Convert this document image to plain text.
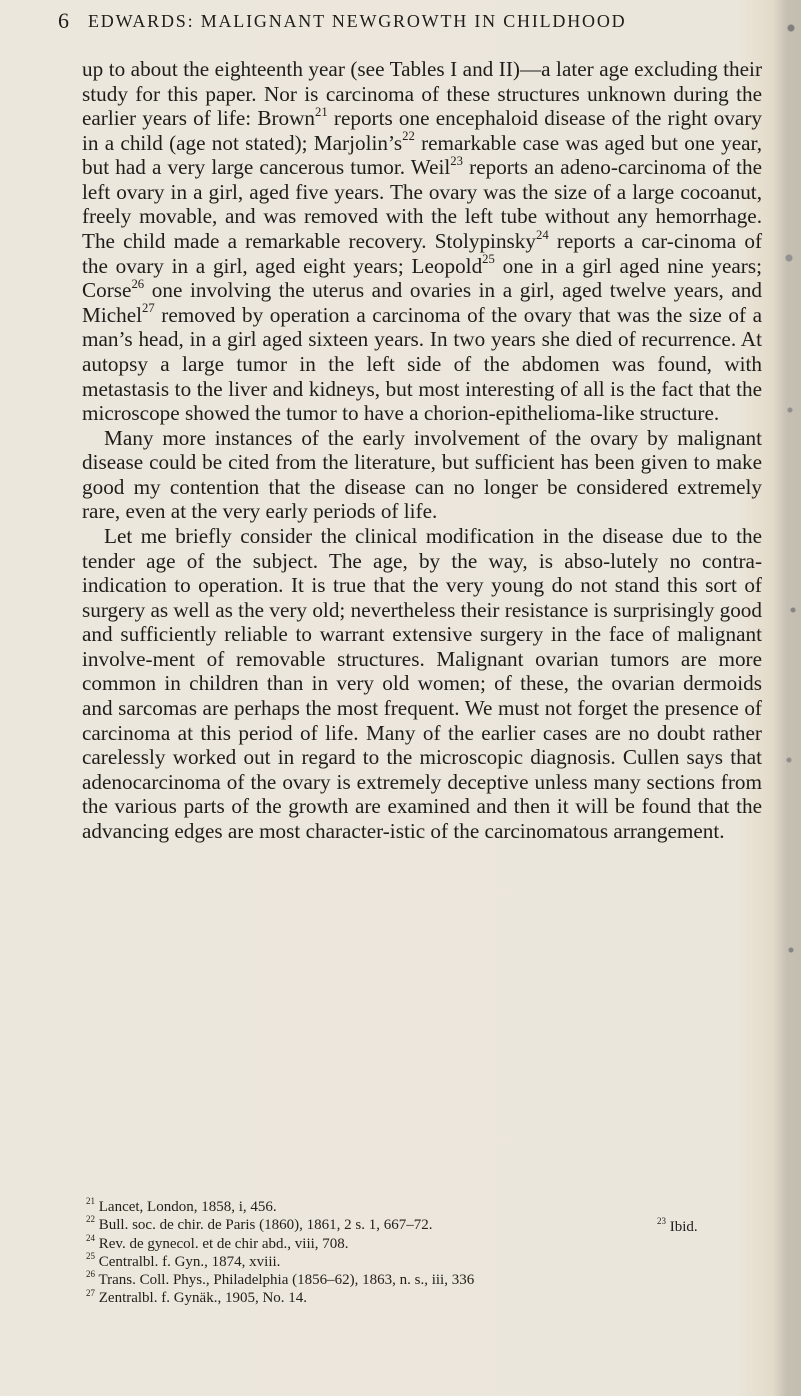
6 EDWARDS: MALIGNANT NEWGROWTH IN CHILDHOOD

up to about the eighteenth year (see Tables I and II)—a later age excluding their study for this paper. Nor is carcinoma of these structures unknown during the earlier years of life: Brown$^{21}$ reports one encephaloid disease of the right ovary in a child (age not stated); $Marjolin’s^{22}$ remarkable case was aged but one year, but had a very large cancerous tumor. Weil$^{23}$ reports an adeno-carcinoma of the left ovary in a girl, aged five years. The ovary was the size of a large cocoanut, freely movable, and was removed with the left tube without any hemorrhage. The child made a remarkable recovery. Stolypinsky$^{24}$ reports a car-cinoma of the ovary in a girl, aged eight years; Leopold$^{25}$ one in a girl aged nine years; Corse$^{26}$ one involving the uterus and ovaries in a girl, aged twelve years, and Michel$^{27}$ removed by operation a carcinoma of the ovary that was the size of a man’s head, in a girl aged sixteen years. In two years she died of recurrence. At autopsy a large tumor in the left side of the abdomen was found, with metastasis to the liver and kidneys, but most interesting of all is the fact that the microscope showed the tumor to have a chorion-epithelioma-like structure.

Many more instances of the early involvement of the ovary by malignant disease could be cited from the literature, but sufficient has been given to make good my contention that the disease can no longer be considered extremely rare, even at the very early periods of life.

Let me briefly consider the clinical modification in the disease due to the tender age of the subject. The age, by the way, is abso-lutely no contra-indication to operation. It is true that the very young do not stand this sort of surgery as well as the very old; nevertheless their resistance is surprisingly good and sufficiently reliable to warrant extensive surgery in the face of malignant involve-ment of removable structures. Malignant ovarian tumors are more common in children than in very old women; of these, the ovarian dermoids and sarcomas are perhaps the most frequent. We must not forget the presence of carcinoma at this period of life. Many of the earlier cases are no doubt rather carelessly worked out in regard to the microscopic diagnosis. Cullen says that adenocarcinoma of the ovary is extremely deceptive unless many sections from the various parts of the growth are examined and then it will be found that the advancing edges are most character-istic of the carcinomatous arrangement.

$^{21}$ Lancet, London, 1858, i, 456.
$^{22}$ Bull. soc. de chir. de Paris (1860), 1861, 2 s. 1, 667–72.
$^{24}$ Rev. de gynecol. et de chir abd., viii, 708.
$^{25}$ Centralbl. f. Gyn., 1874, xviii.
$^{26}$ Trans. Coll. Phys., Philadelphia (1856–62), 1863, n. s., iii, 336
$^{27}$ Zentralbl. f. Gynäk., 1905, No. 14.
$^{23}$ Ibid.
